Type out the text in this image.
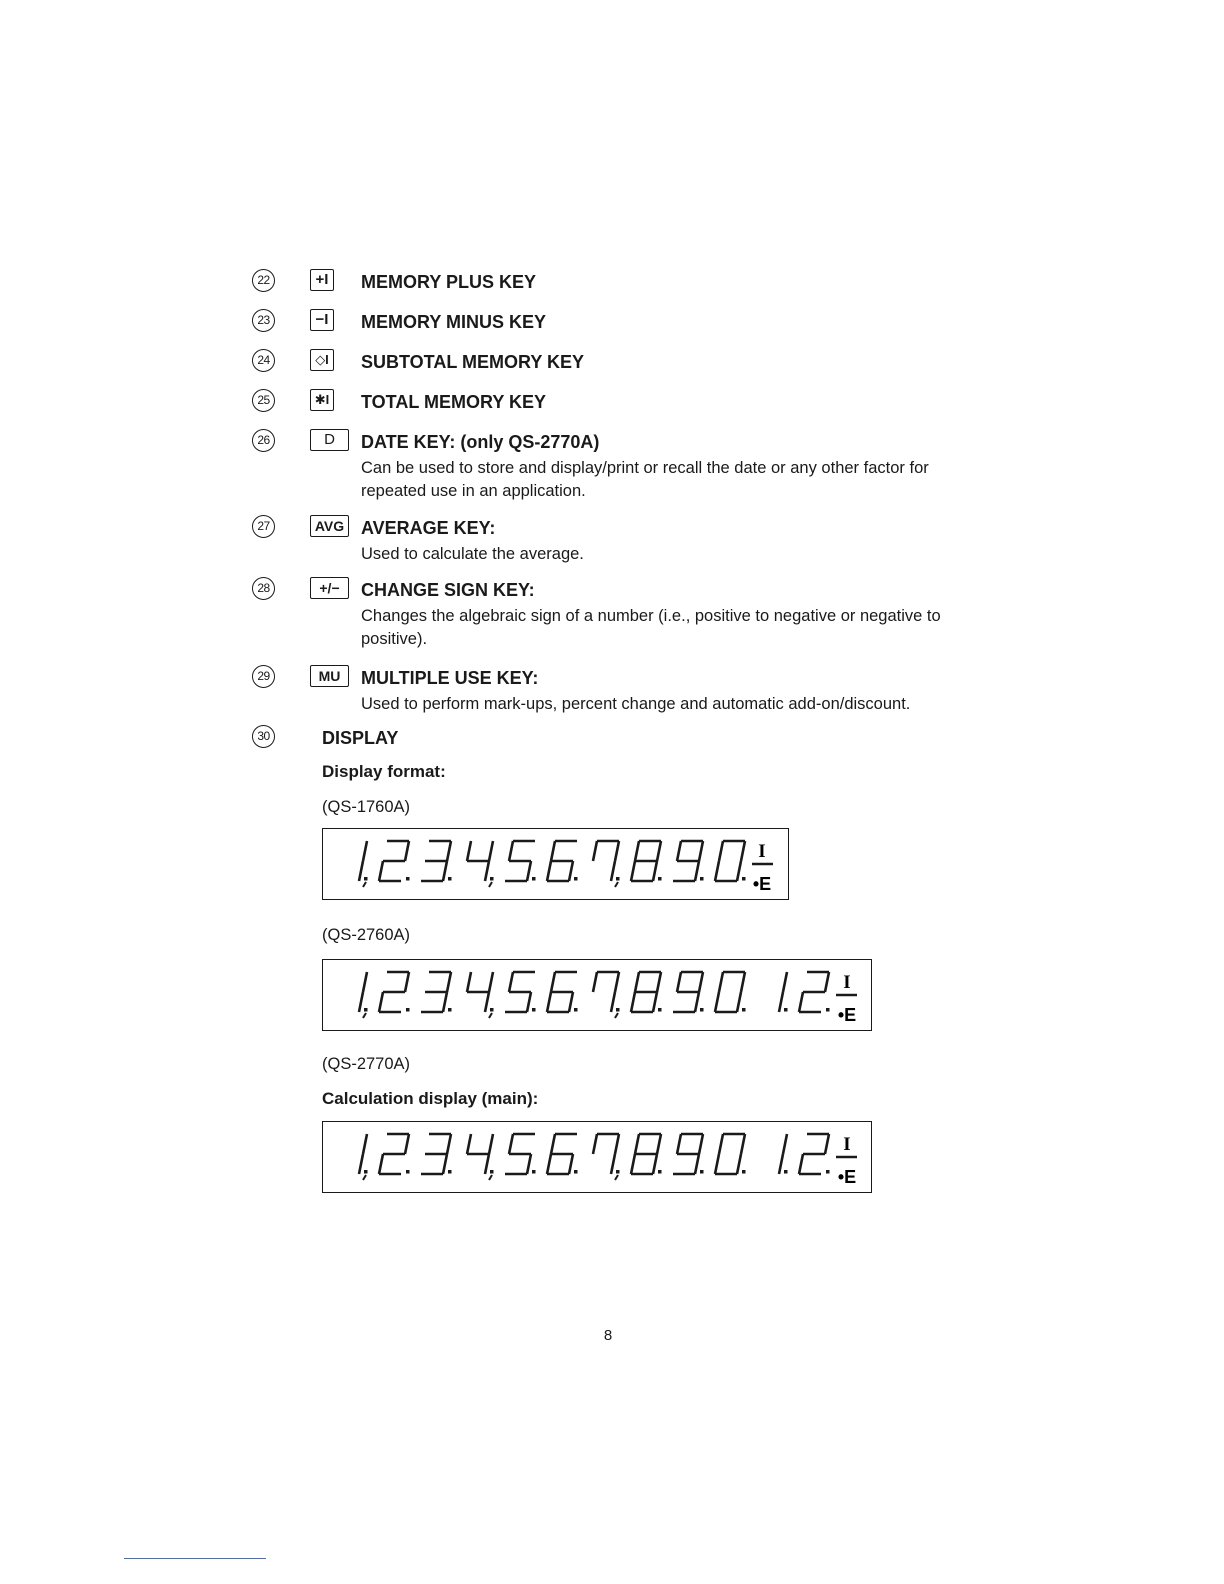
22	+I	MEMORY PLUS KEY
23	−I	MEMORY MINUS KEY
24	◇I SUBTOTAL MEMORY KEY
25	✱I TOTAL MEMORY KEY
26	D	DATE KEY: (only QS-2770A)
Can be used to store and display/print or recall the date or any other factor for repeated use in an application.
27	AVG AVERAGE KEY:
Used to calculate the average.
28	+/−	CHANGE SIGN KEY:
Changes the algebraic sign of a number (i.e., positive to negative or negative to positive).
29	MU	MULTIPLE USE KEY:
Used to perform mark-ups, percent change and automatic add-on/discount.
30	DISPLAY
Display format:
(QS-1760A)
I
•E
(QS-2760A)
I
•E
(QS-2770A)
Calculation display (main):
I
•E
8
